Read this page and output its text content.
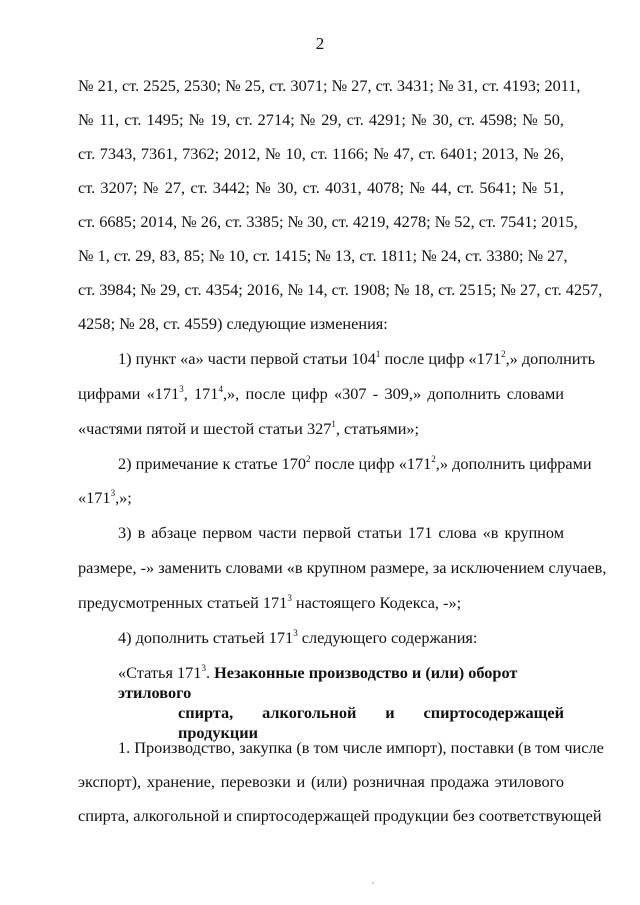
2
№ 21, ст. 2525, 2530; № 25, ст. 3071; № 27, ст. 3431; № 31, ст. 4193; 2011,
№ 11, ст. 1495; № 19, ст. 2714; № 29, ст. 4291; № 30, ст. 4598; № 50,
ст. 7343, 7361, 7362; 2012, № 10, ст. 1166; № 47, ст. 6401; 2013, № 26,
ст. 3207; № 27, ст. 3442; № 30, ст. 4031, 4078; № 44, ст. 5641; № 51,
ст. 6685; 2014, № 26, ст. 3385; № 30, ст. 4219, 4278; № 52, ст. 7541; 2015,
№ 1, ст. 29, 83, 85; № 10, ст. 1415; № 13, ст. 1811; № 24, ст. 3380; № 27,
ст. 3984; № 29, ст. 4354; 2016, № 14, ст. 1908; № 18, ст. 2515; № 27, ст. 4257,
4258; № 28, ст. 4559) следующие изменения:
1) пункт «а» части первой статьи $104^1$ после цифр «$171^2$,» дополнить
цифрами «$171^3$, $171^4$,», после цифр «307 - 309,» дополнить словами
«частями пятой и шестой статьи $327^1$, статьями»;
2) примечание к статье $170^2$ после цифр «$171^2$,» дополнить цифрами
«$171^3$,»;
3) в абзаце первом части первой статьи 171 слова «в крупном
размере, -» заменить словами «в крупном размере, за исключением случаев,
предусмотренных статьей $171^3$ настоящего Кодекса, -»;
4) дополнить статьей $171^3$ следующего содержания:
«Статья $171^3$. Незаконные производство и (или) оборот этилового
спирта, алкогольной и спиртосодержащей
продукции
1. Производство, закупка (в том числе импорт), поставки (в том числе
экспорт), хранение, перевозки и (или) розничная продажа этилового
спирта, алкогольной и спиртосодержащей продукции без соответствующей
